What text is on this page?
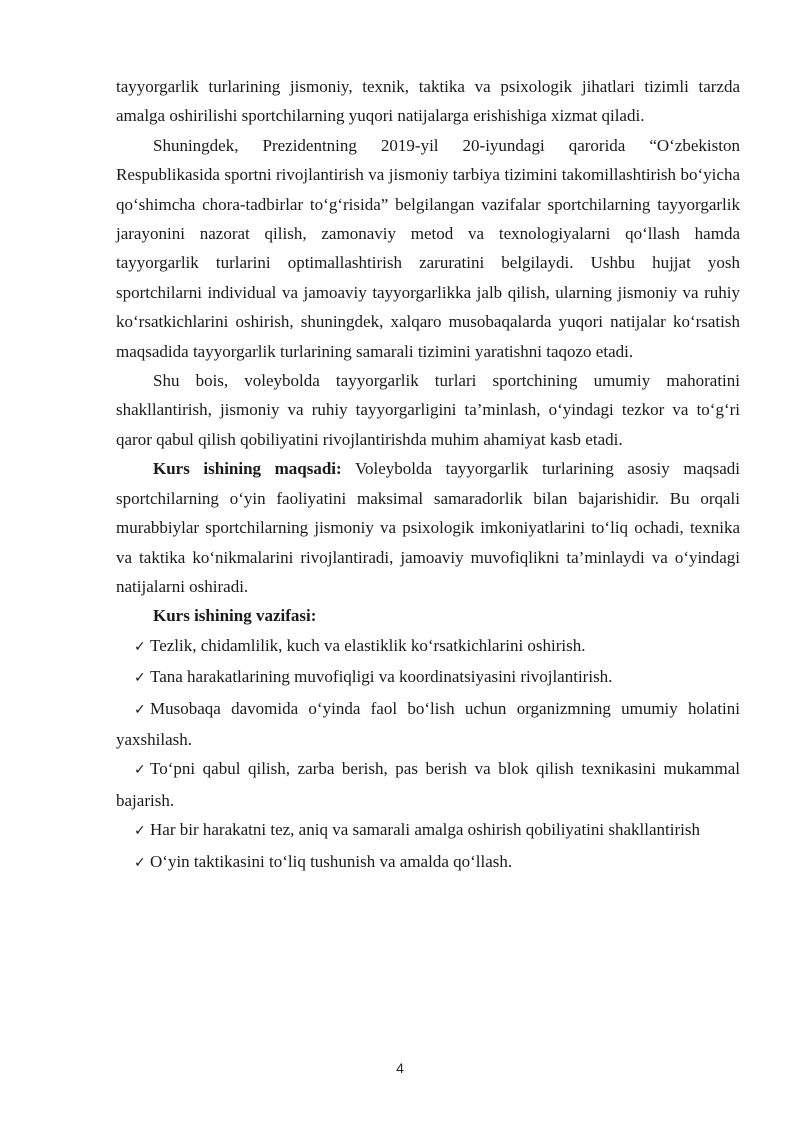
tayyorgarlik turlarining jismoniy, texnik, taktika va psixologik jihatlari tizimli tarzda amalga oshirilishi sportchilarning yuqori natijalarga erishishiga xizmat qiladi.

Shuningdek, Prezidentning 2019-yil 20-iyundagi qarorida “O‘zbekiston Respublikasida sportni rivojlantirish va jismoniy tarbiya tizimini takomillashtirish bo‘yicha qo‘shimcha chora-tadbirlar to‘g‘risida” belgilangan vazifalar sportchilarning tayyorgarlik jarayonini nazorat qilish, zamonaviy metod va texnologiyalarni qo‘llash hamda tayyorgarlik turlarini optimallashtirish zaruratini belgilaydi. Ushbu hujjat yosh sportchilarni individual va jamoaviy tayyorgarlikka jalb qilish, ularning jismoniy va ruhiy ko‘rsatkichlarini oshirish, shuningdek, xalqaro musobaqalarda yuqori natijalar ko‘rsatish maqsadida tayyorgarlik turlarining samarali tizimini yaratishni taqozo etadi.

Shu bois, voleybolda tayyorgarlik turlari sportchining umumiy mahoratini shakllantirish, jismoniy va ruhiy tayyorgarligini ta’minlash, o‘yindagi tezkor va to‘g‘ri qaror qabul qilish qobiliyatini rivojlantirishda muhim ahamiyat kasb etadi.

Kurs ishining maqsadi: Voleybolda tayyorgarlik turlarining asosiy maqsadi sportchilarning o‘yin faoliyatini maksimal samaradorlik bilan bajarishidir. Bu orqali murabbiylar sportchilarning jismoniy va psixologik imkoniyatlarini to‘liq ochadi, texnika va taktika ko‘nikmalarini rivojlantiradi, jamoaviy muvofiqlikni ta’minlaydi va o‘yindagi natijalarni oshiradi.

Kurs ishining vazifasi:

✓ Tezlik, chidamlilik, kuch va elastiklik ko‘rsatkichlarini oshirish.

✓ Tana harakatlarining muvofiqligi va koordinatsiyasini rivojlantirish.

✓ Musobaqa davomida o‘yinda faol bo‘lish uchun organizmning umumiy holatini yaxshilash.

✓ To‘pni qabul qilish, zarba berish, pas berish va blok qilish texnikasini mukammal bajarish.

✓ Har bir harakatni tez, aniq va samarali amalga oshirish qobiliyatini shakllantirish

✓ O‘yin taktikasini to‘liq tushunish va amalda qo‘llash.

4
